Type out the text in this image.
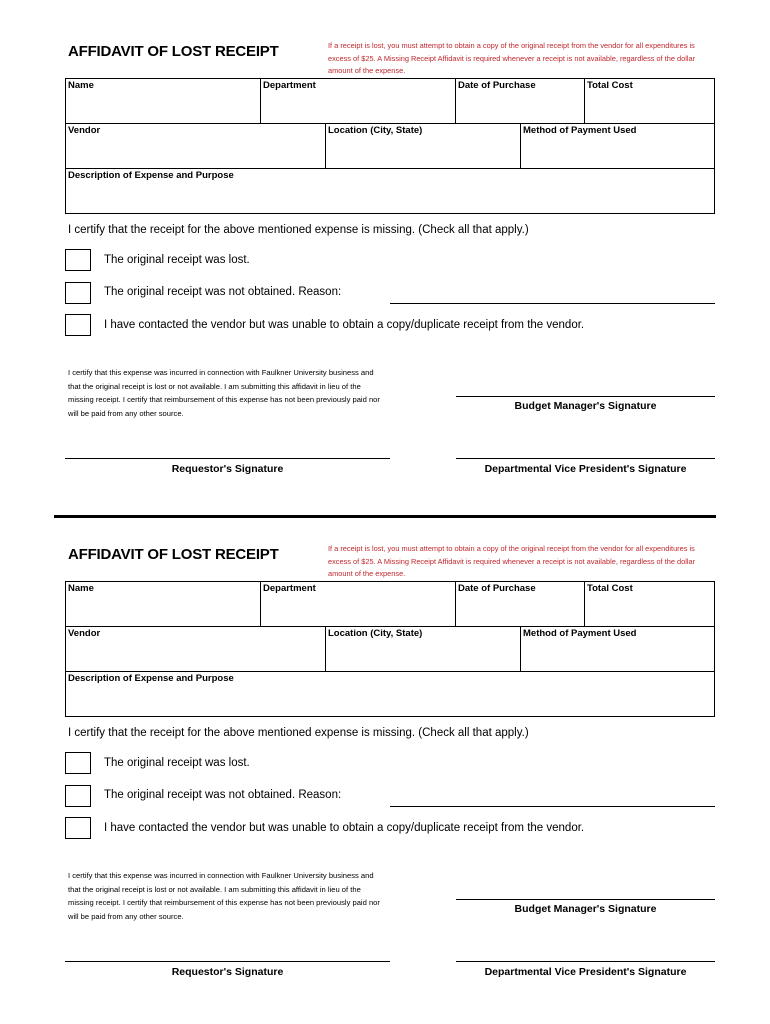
AFFIDAVIT OF LOST RECEIPT	If a receipt is lost, you must attempt to obtain a copy of the original receipt from the vendor for all expenditures is excess of $25. A Missing Receipt Affidavit is required whenever a receipt is not available, regardless of the dollar amount of the expense.
Name	Department	Date of Purchase	Total Cost
Vendor	Location (City, State)	Method of Payment Used
Description of Expense and Purpose
I certify that the receipt for the above mentioned expense is missing. (Check all that apply.)
The original receipt was lost.
The original receipt was not obtained. Reason:
I have contacted the vendor but was unable to obtain a copy/duplicate receipt from the vendor.
I certify that this expense was incurred in connection with Faulkner University business and that the original receipt is lost or not available. I am submitting this affidavit in lieu of the missing receipt. I certify that reimbursement of this expense has not been previously paid nor will be paid from any other source.
Budget Manager's Signature
Requestor's Signature	Departmental Vice President's Signature
AFFIDAVIT OF LOST RECEIPT	If a receipt is lost, you must attempt to obtain a copy of the original receipt from the vendor for all expenditures is excess of $25. A Missing Receipt Affidavit is required whenever a receipt is not available, regardless of the dollar amount of the expense.
Name	Department	Date of Purchase	Total Cost
Vendor	Location (City, State)	Method of Payment Used
Description of Expense and Purpose
I certify that the receipt for the above mentioned expense is missing. (Check all that apply.)
The original receipt was lost.
The original receipt was not obtained. Reason:
I have contacted the vendor but was unable to obtain a copy/duplicate receipt from the vendor.
I certify that this expense was incurred in connection with Faulkner University business and that the original receipt is lost or not available. I am submitting this affidavit in lieu of the missing receipt. I certify that reimbursement of this expense has not been previously paid nor will be paid from any other source.
Budget Manager's Signature
Requestor's Signature	Departmental Vice President's Signature
